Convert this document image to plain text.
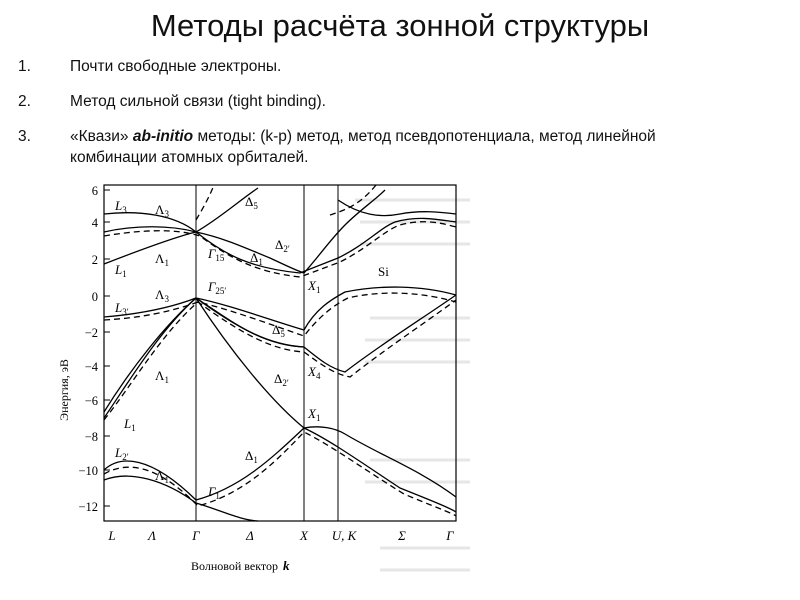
Методы расчёта зонной структуры
1.	Почти свободные электроны.
2.	Метод сильной связи (tight binding).
3.	«Квази» ab-initio методы: (k-p) метод, метод псевдопотенциала, метод линейной
комбинации атомных орбиталей.
6
4
2
0
−2
−4
−6
−8
−10
−12
Энергия, эВ
L Λ	Γ	Δ	X U, K	Σ	Γ
Волновой вектор k
Si
$L_3$
$L_1$
$L_{3'}$
$L_1$
$L_{2'}$
$\Lambda_3$
$\Lambda_1$
$\Lambda_3$
$\Lambda_1$
$\Lambda_1$
$\Gamma_{15}$
$\Gamma_{25'}$
$\Gamma_1$
$\Delta_5$
$\Delta_{2'}$
$\Delta_1$
$\Delta_5$
$\Delta_{2'}$
$\Delta_1$
$X_1$
$X_4$
$X_1$
